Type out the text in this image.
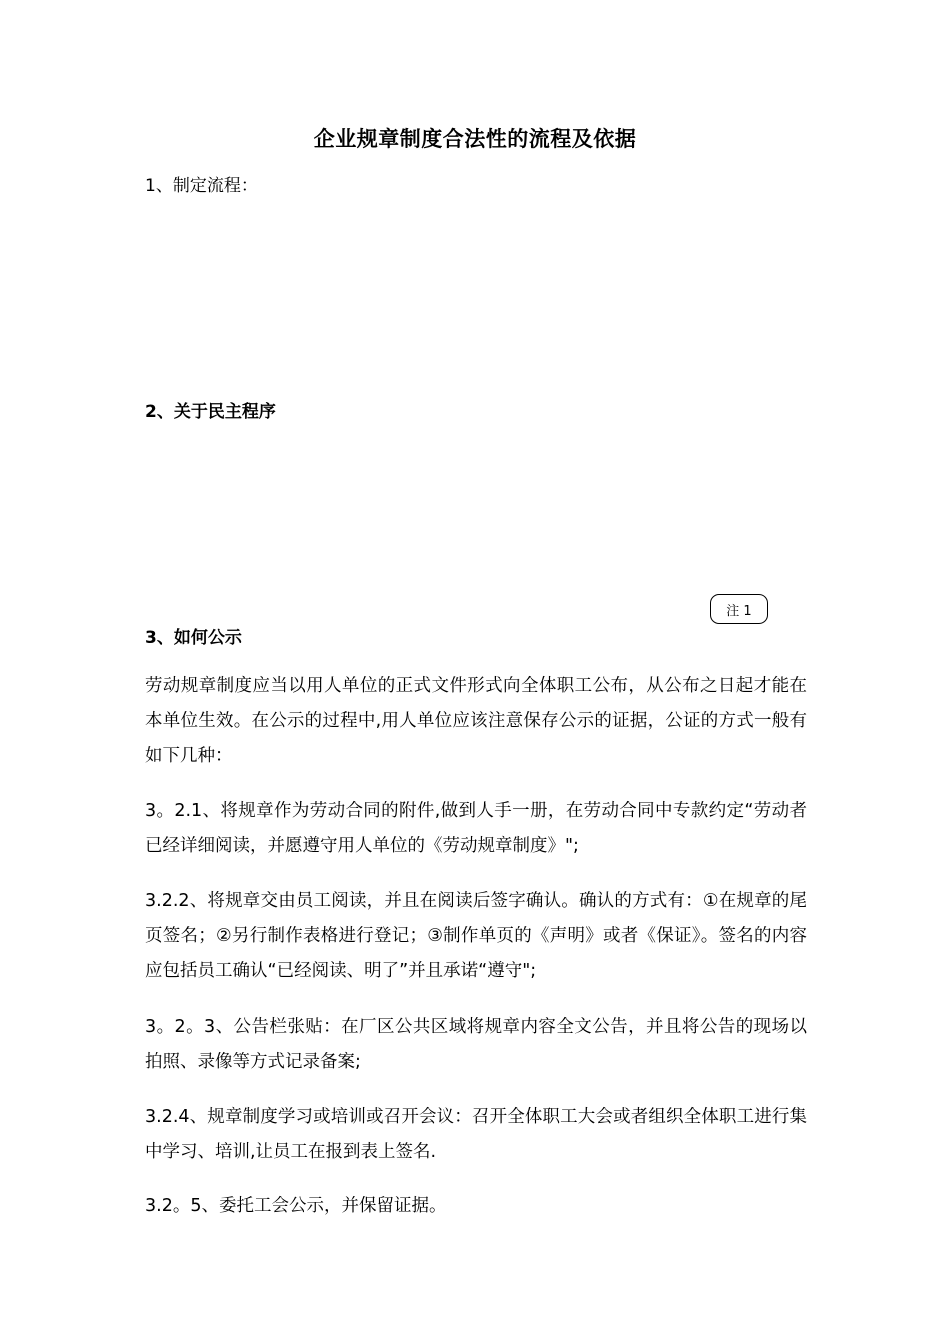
企业规章制度合法性的流程及依据
1、制定流程：
2、关于民主程序
注 1
3、如何公示
劳动规章制度应当以用人单位的正式文件形式向全体职工公布，从公布之日起才能在本单位生效。在公示的过程中,用人单位应该注意保存公示的证据，公证的方式一般有如下几种：
3。2.1、将规章作为劳动合同的附件,做到人手一册，在劳动合同中专款约定“劳动者已经详细阅读，并愿遵守用人单位的《劳动规章制度》";
3.2.2、将规章交由员工阅读，并且在阅读后签字确认。确认的方式有：①在规章的尾页签名；②另行制作表格进行登记；③制作单页的《声明》或者《保证》。签名的内容应包括员工确认“已经阅读、明了”并且承诺“遵守";
3。2。3、公告栏张贴：在厂区公共区域将规章内容全文公告，并且将公告的现场以拍照、录像等方式记录备案;
3.2.4、规章制度学习或培训或召开会议：召开全体职工大会或者组织全体职工进行集中学习、培训,让员工在报到表上签名.
3.2。5、委托工会公示，并保留证据。
